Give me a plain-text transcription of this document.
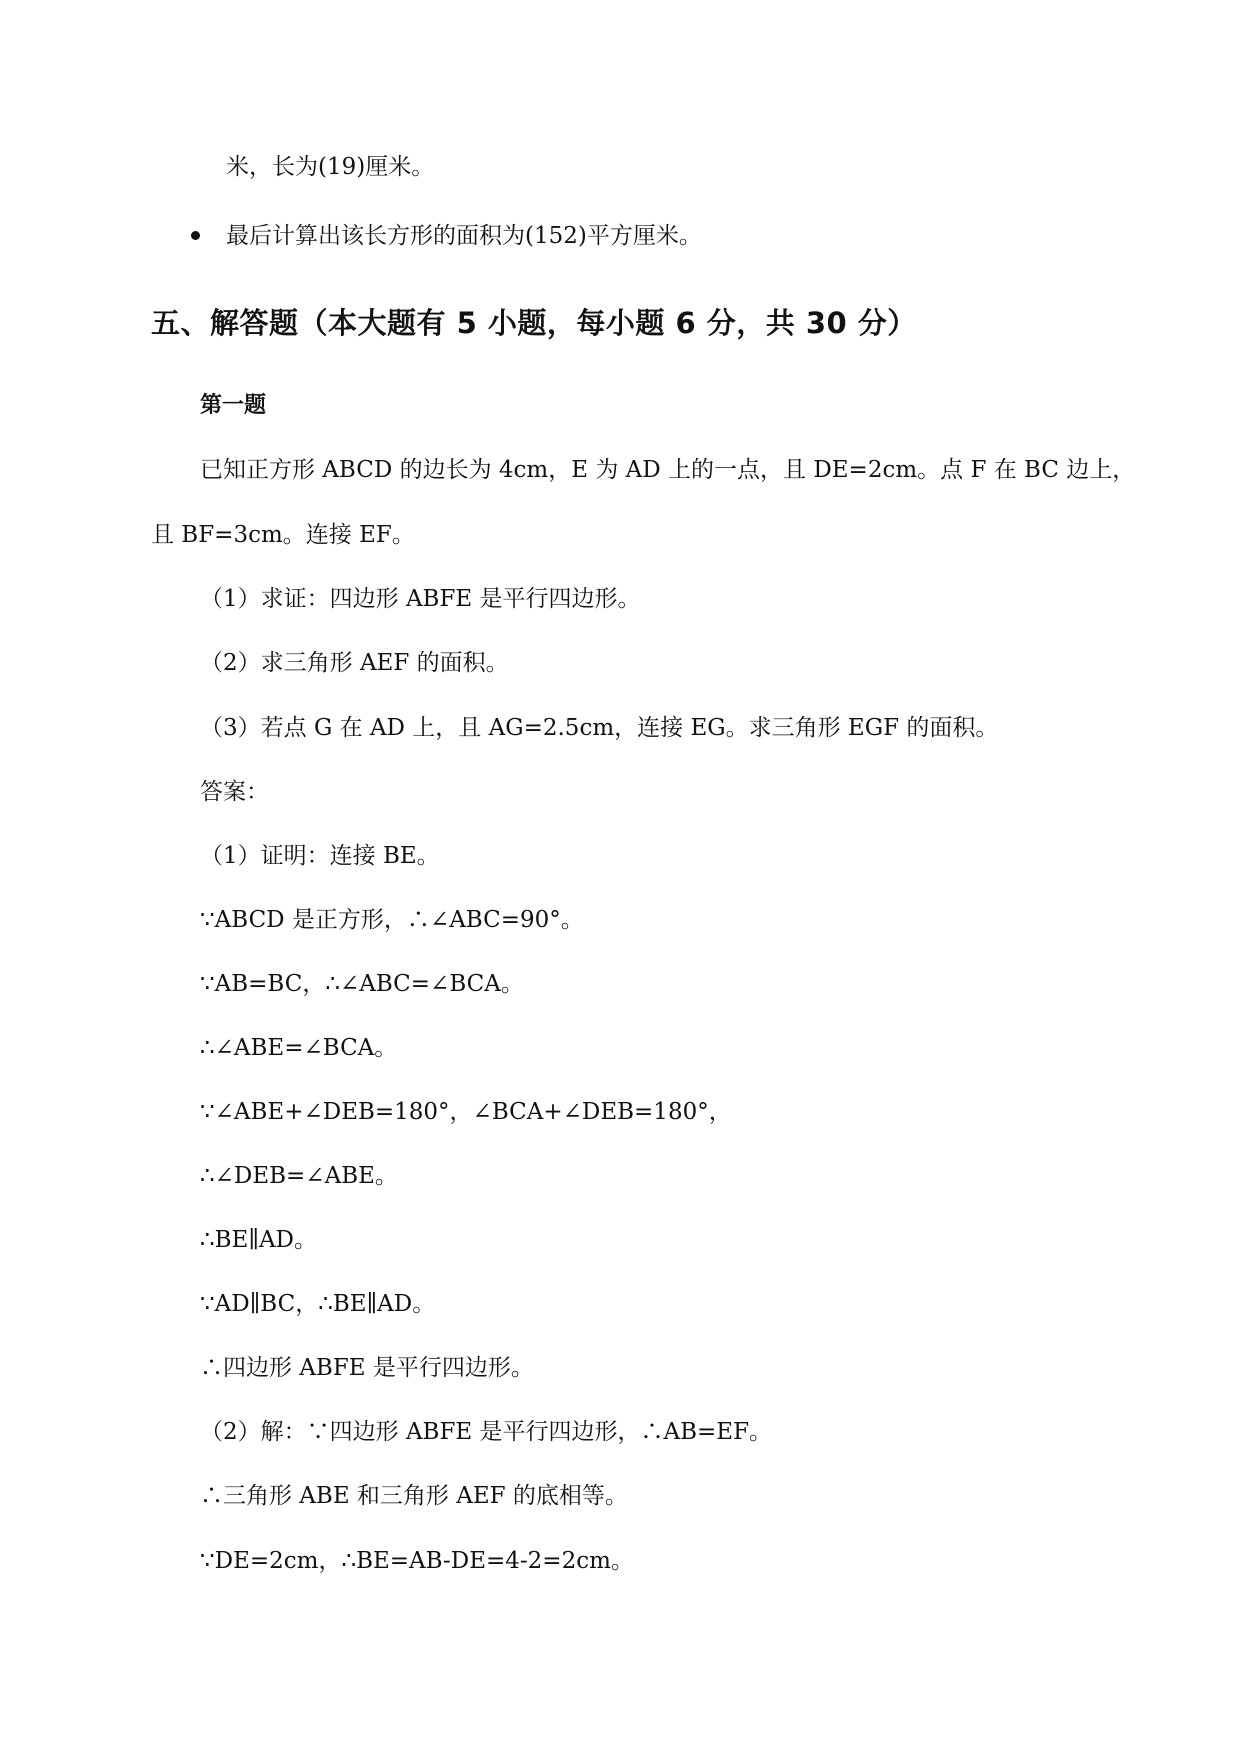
米，长为(19)厘米。
最后计算出该长方形的面积为(152)平方厘米。
五、解答题（本大题有 5 小题，每小题 6 分，共 30 分）
第一题
已知正方形 ABCD 的边长为 4cm，E 为 AD 上的一点，且 DE=2cm。点 F 在 BC 边上，
且 BF=3cm。连接 EF。
（1）求证：四边形 ABFE 是平行四边形。
（2）求三角形 AEF 的面积。
（3）若点 G 在 AD 上，且 AG=2.5cm，连接 EG。求三角形 EGF 的面积。
答案：
（1）证明：连接 BE。
∵ABCD 是正方形，∴∠ABC=90°。
∵AB=BC，∴∠ABC=∠BCA。
∴∠ABE=∠BCA。
∵∠ABE+∠DEB=180°，∠BCA+∠DEB=180°，
∴∠DEB=∠ABE。
∴BE∥AD。
∵AD∥BC，∴BE∥AD。
∴四边形 ABFE 是平行四边形。
（2）解：∵四边形 ABFE 是平行四边形，∴AB=EF。
∴三角形 ABE 和三角形 AEF 的底相等。
∵DE=2cm，∴BE=AB-DE=4-2=2cm。
